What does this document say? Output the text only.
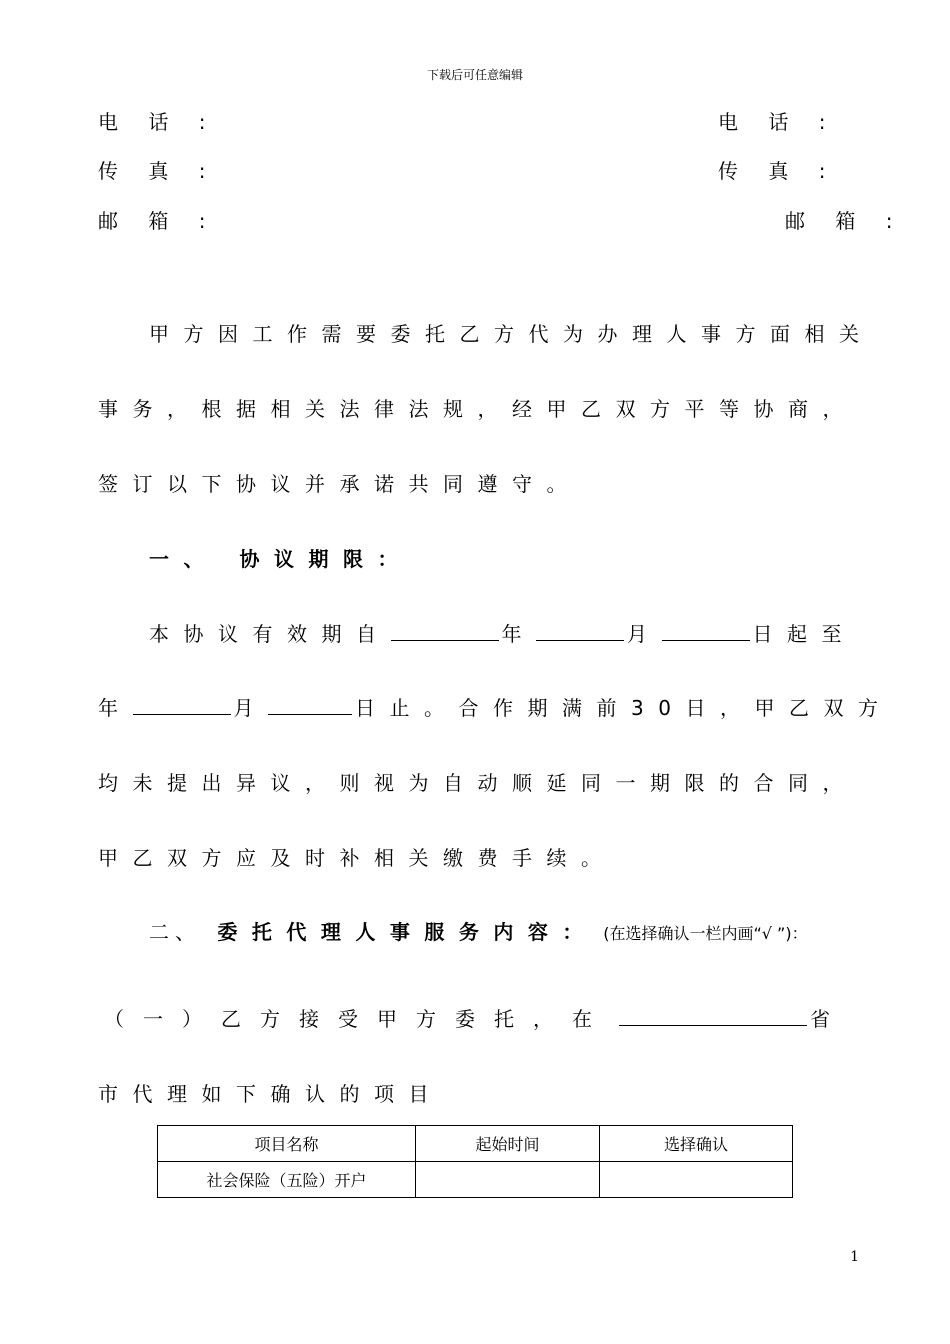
下载后可任意编辑
电 话 :
传 真 :
邮 箱 :
电 话 :
传 真 :
邮 箱 :
甲方因工作需要委托乙方代为办理人事方面相关
事务，根据相关法律法规，经甲乙双方平等协商，
签订以下协议并承诺共同遵守。
一、 协议期限：
本协议有效期自	年	月	日起至
年	月	日止。合作期满前30日，甲乙双方
均未提出异议，则视为自动顺延同一期限的合同，
甲乙双方应及时补相关缴费手续。
二、 委托代理人事服务内容： (在选择确认一栏内画“√ ”)：
（一）乙方接受甲方委托，在	省
市代理如下确认的项目
项目名称	起始时间	选择确认
社会保险（五险）开户		
1
